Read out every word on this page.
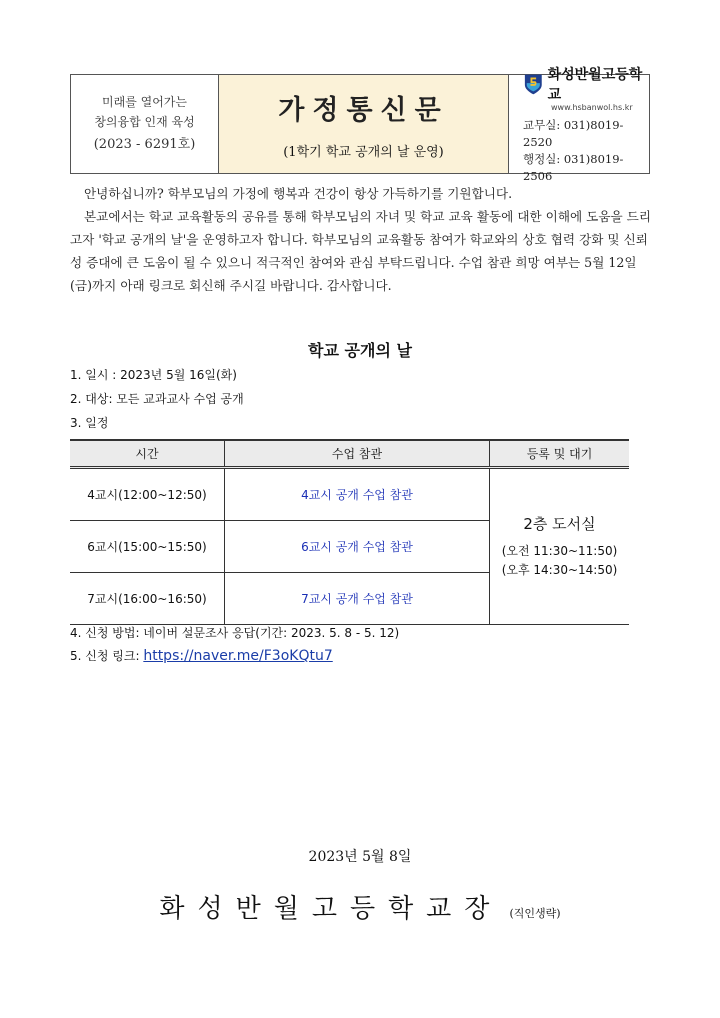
미래를 열어가는
창의융합 인재 육성
(2023 - 6291호)
가정통신문
(1학기 학교 공개의 날 운영)
화성반월고등학교
www.hsbanwol.hs.kr
교무실: 031)8019-2520
행정실: 031)8019-2506

안녕하십니까? 학부모님의 가정에 행복과 건강이 항상 가득하기를 기원합니다.

본교에서는 학교 교육활동의 공유를 통해 학부모님의 자녀 및 학교 교육 활동에 대한 이해에 도움을 드리고자 '학교 공개의 날'을 운영하고자 합니다. 학부모님의 교육활동 참여가 학교와의 상호 협력 강화 및 신뢰성 증대에 큰 도움이 될 수 있으니 적극적인 참여와 관심 부탁드립니다. 수업 참관 희망 여부는 5월 12일(금)까지 아래 링크로 회신해 주시길 바랍니다. 감사합니다.

학교 공개의 날
1. 일시 : 2023년 5월 16일(화)
2. 대상: 모든 교과교사 수업 공개
3. 일정
시간	수업 참관	등록 및 대기
4교시(12:00~12:50)	4교시 공개 수업 참관	2층 도서실
(오전 11:30~11:50)
(오후 14:30~14:50)

6교시(15:00~15:50)	6교시 공개 수업 참관	
7교시(16:00~16:50)	7교시 공개 수업 참관	
4. 신청 방법: 네이버 설문조사 응답(기간: 2023. 5. 8 - 5. 12)
5. 신청 링크: https://naver.me/F3oKQtu7
2023년 5월 8일
화성반월고등학교장 (직인생략)
